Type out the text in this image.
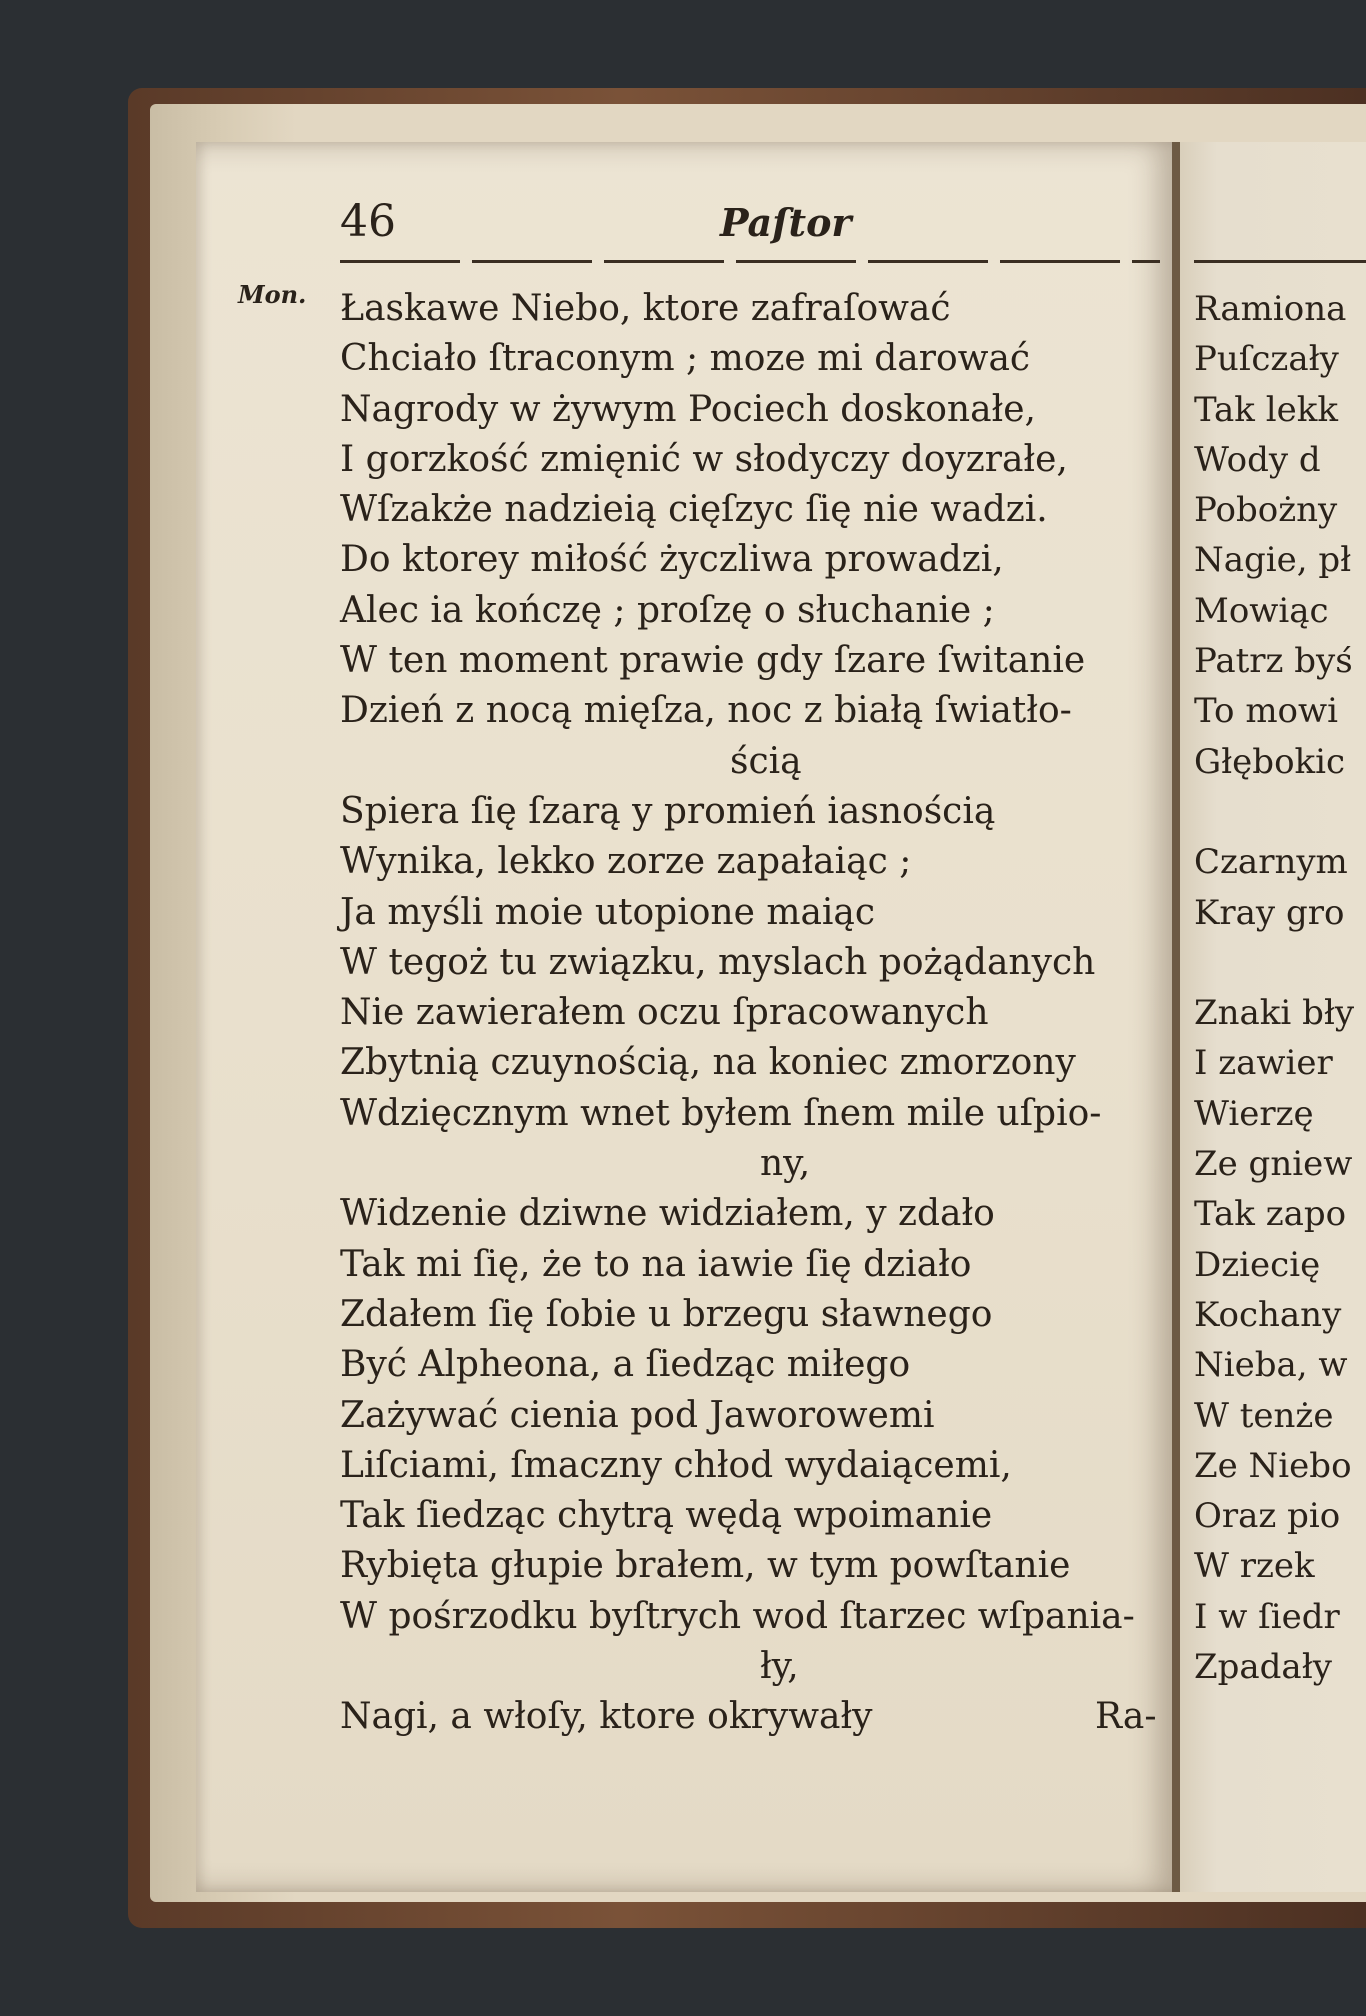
46	Paſtor
Mon. Łaskawe Niebo, ktore zafraſować
Chciało ſtraconym ; moze mi darować
Nagrody w żywym Pociech doskonałe,
I gorzkość zmięnić w słodyczy doyzrałe,
Wſzakże nadzieią cięſzyc ſię nie wadzi.
Do ktorey miłość życzliwa prowadzi,
Alec ia kończę ; proſzę o słuchanie ;
W ten moment prawie gdy ſzare ſwitanie
Dzień z nocą mięſza, noc z białą ſwiatło-
ścią
Spiera ſię ſzarą y promień iasnością
Wynika, lekko zorze zapałaiąc ;
Ja myśli moie utopione maiąc
W tegoż tu związku, myslach pożądanych
Nie zawierałem oczu ſpracowanych
Zbytnią czuynością, na koniec zmorzony
Wdzięcznym wnet byłem ſnem mile uſpio-
ny,
Widzenie dziwne widziałem, y zdało
Tak mi ſię, że to na iawie ſię działo
Zdałem ſię ſobie u brzegu sławnego
Być Alpheona, a ſiedząc miłego
Zażywać cienia pod Jaworowemi
Liſciami, ſmaczny chłod wydaiącemi,
Tak ſiedząc chytrą wędą wpoimanie
Rybięta głupie brałem, w tym powſtanie
W pośrzodku byſtrych wod ſtarzec wſpania-
ły,
Nagi, a włoſy, ktore okrywały	Ra-
Ramiona
Puſczały
Tak lekk
Wody d
Pobożny
Nagie, pł
Mowiąc
Patrz byś
To mowi
Głębokic
Czarnym
Kray gro
Znaki bły
I zawier
Wierzę
Ze gniew
Tak zapo
Dziecię
Kochany
Nieba, w
W tenże
Ze Niebo
Oraz pio
W rzek
I w ſiedr
Zpadały
